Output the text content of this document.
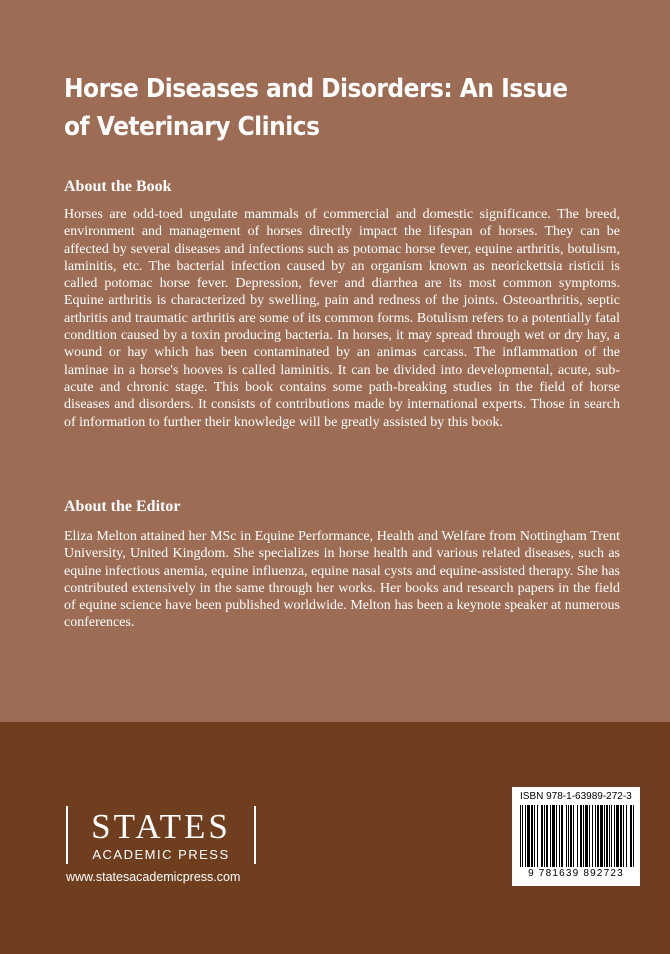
Horse Diseases and Disorders: An Issue of Veterinary Clinics
About the Book

Horses are odd-toed ungulate mammals of commercial and domestic significance. The breed, environment and management of horses directly impact the lifespan of horses. They can be affected by several diseases and infections such as potomac horse fever, equine arthritis, botulism, laminitis, etc. The bacterial infection caused by an organism known as neorickettsia risticii is called potomac horse fever. Depression, fever and diarrhea are its most common symptoms. Equine arthritis is characterized by swelling, pain and redness of the joints. Osteoarthritis, septic arthritis and traumatic arthritis are some of its common forms. Botulism refers to a potentially fatal condition caused by a toxin producing bacteria. In horses, it may spread through wet or dry hay, a wound or hay which has been contaminated by an animas carcass. The inflammation of the laminae in a horse's hooves is called laminitis. It can be divided into developmental, acute, sub-acute and chronic stage. This book contains some path-breaking studies in the field of horse diseases and disorders. It consists of contributions made by international experts. Those in search of information to further their knowledge will be greatly assisted by this book.

About the Editor

Eliza Melton attained her MSc in Equine Performance, Health and Welfare from Nottingham Trent University, United Kingdom. She specializes in horse health and various related diseases, such as equine infectious anemia, equine influenza, equine nasal cysts and equine-assisted therapy. She has contributed extensively in the same through her works. Her books and research papers in the field of equine science have been published worldwide. Melton has been a keynote speaker at numerous conferences.

STATES
ACADEMIC PRESS
www.statesacademicpress.com
ISBN 978-1-63989-272-3
9 781639 892723
